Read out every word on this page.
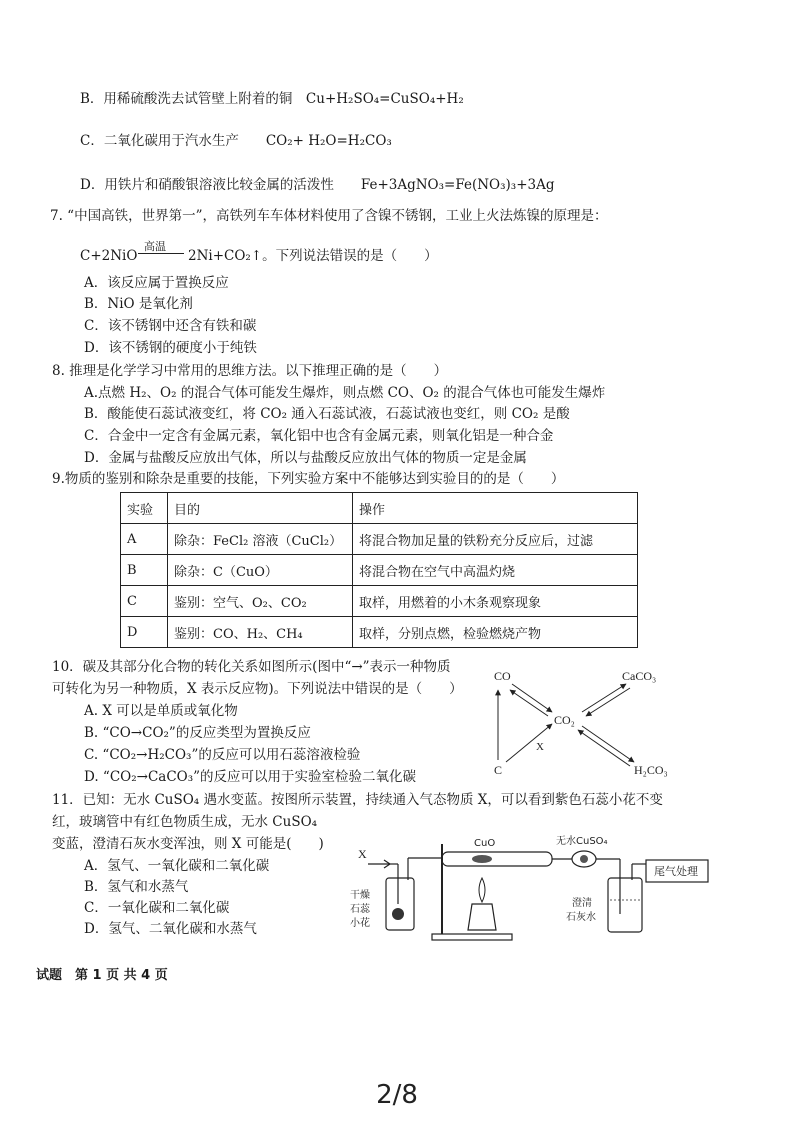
B．用稀硫酸洗去试管壁上附着的铜　Cu+H₂SO₄=CuSO₄+H₂
C．二氧化碳用于汽水生产　　CO₂+ H₂O=H₂CO₃
D．用铁片和硝酸银溶液比较金属的活泼性　　Fe+3AgNO₃=Fe(NO₃)₃+3Ag
7. “中国高铁，世界第一”，高铁列车车体材料使用了含镍不锈钢，工业上火法炼镍的原理是：
C+2NiO
高温
2Ni+CO₂↑。下列说法错误的是（　　）
A．该反应属于置换反应
B．NiO 是氧化剂
C．该不锈钢中还含有铁和碳
D．该不锈钢的硬度小于纯铁
8. 推理是化学学习中常用的思维方法。以下推理正确的是（　　）
A.点燃 H₂、O₂ 的混合气体可能发生爆炸，则点燃 CO、O₂ 的混合气体也可能发生爆炸
B．酸能使石蕊试液变红，将 CO₂ 通入石蕊试液，石蕊试液也变红，则 CO₂ 是酸
C．合金中一定含有金属元素，氧化铝中也含有金属元素，则氧化铝是一种合金
D．金属与盐酸反应放出气体，所以与盐酸反应放出气体的物质一定是金属
9.物质的鉴别和除杂是重要的技能，下列实验方案中不能够达到实验目的的是（　　）
实验	目的	操作
A	除杂：FeCl₂ 溶液（CuCl₂）	将混合物加足量的铁粉充分反应后，过滤
B	除杂：C（CuO）	将混合物在空气中高温灼烧
C	鉴别：空气、O₂、CO₂	取样，用燃着的小木条观察现象
D	鉴别：CO、H₂、CH₄	取样，分别点燃，检验燃烧产物
10．碳及其部分化合物的转化关系如图所示(图中“→”表示一种物质
可转化为另一种物质，X 表示反应物)。下列说法中错误的是（　　）
A. X 可以是单质或氧化物
B. “CO→CO₂”的反应类型为置换反应
C. “CO₂→H₂CO₃”的反应可以用石蕊溶液检验
D. “CO₂→CaCO₃”的反应可以用于实验室检验二氧化碳
CO	CaCO₃
CO₂
C	H₂CO₃
X
11．已知：无水 CuSO₄ 遇水变蓝。按图所示装置，持续通入气态物质 X，可以看到紫色石蕊小花不变
红，玻璃管中有红色物质生成，无水 CuSO₄
变蓝，澄清石灰水变浑浊，则 X 可能是(　　)
A．氢气、一氧化碳和二氧化碳
B．氢气和水蒸气
C．一氧化碳和二氧化碳
D．氢气、二氧化碳和水蒸气
X
干燥
石蕊
小花
CuO	无水CuSO₄
澄清
石灰水
尾气处理
试题　第 1 页 共 4 页
2/8
